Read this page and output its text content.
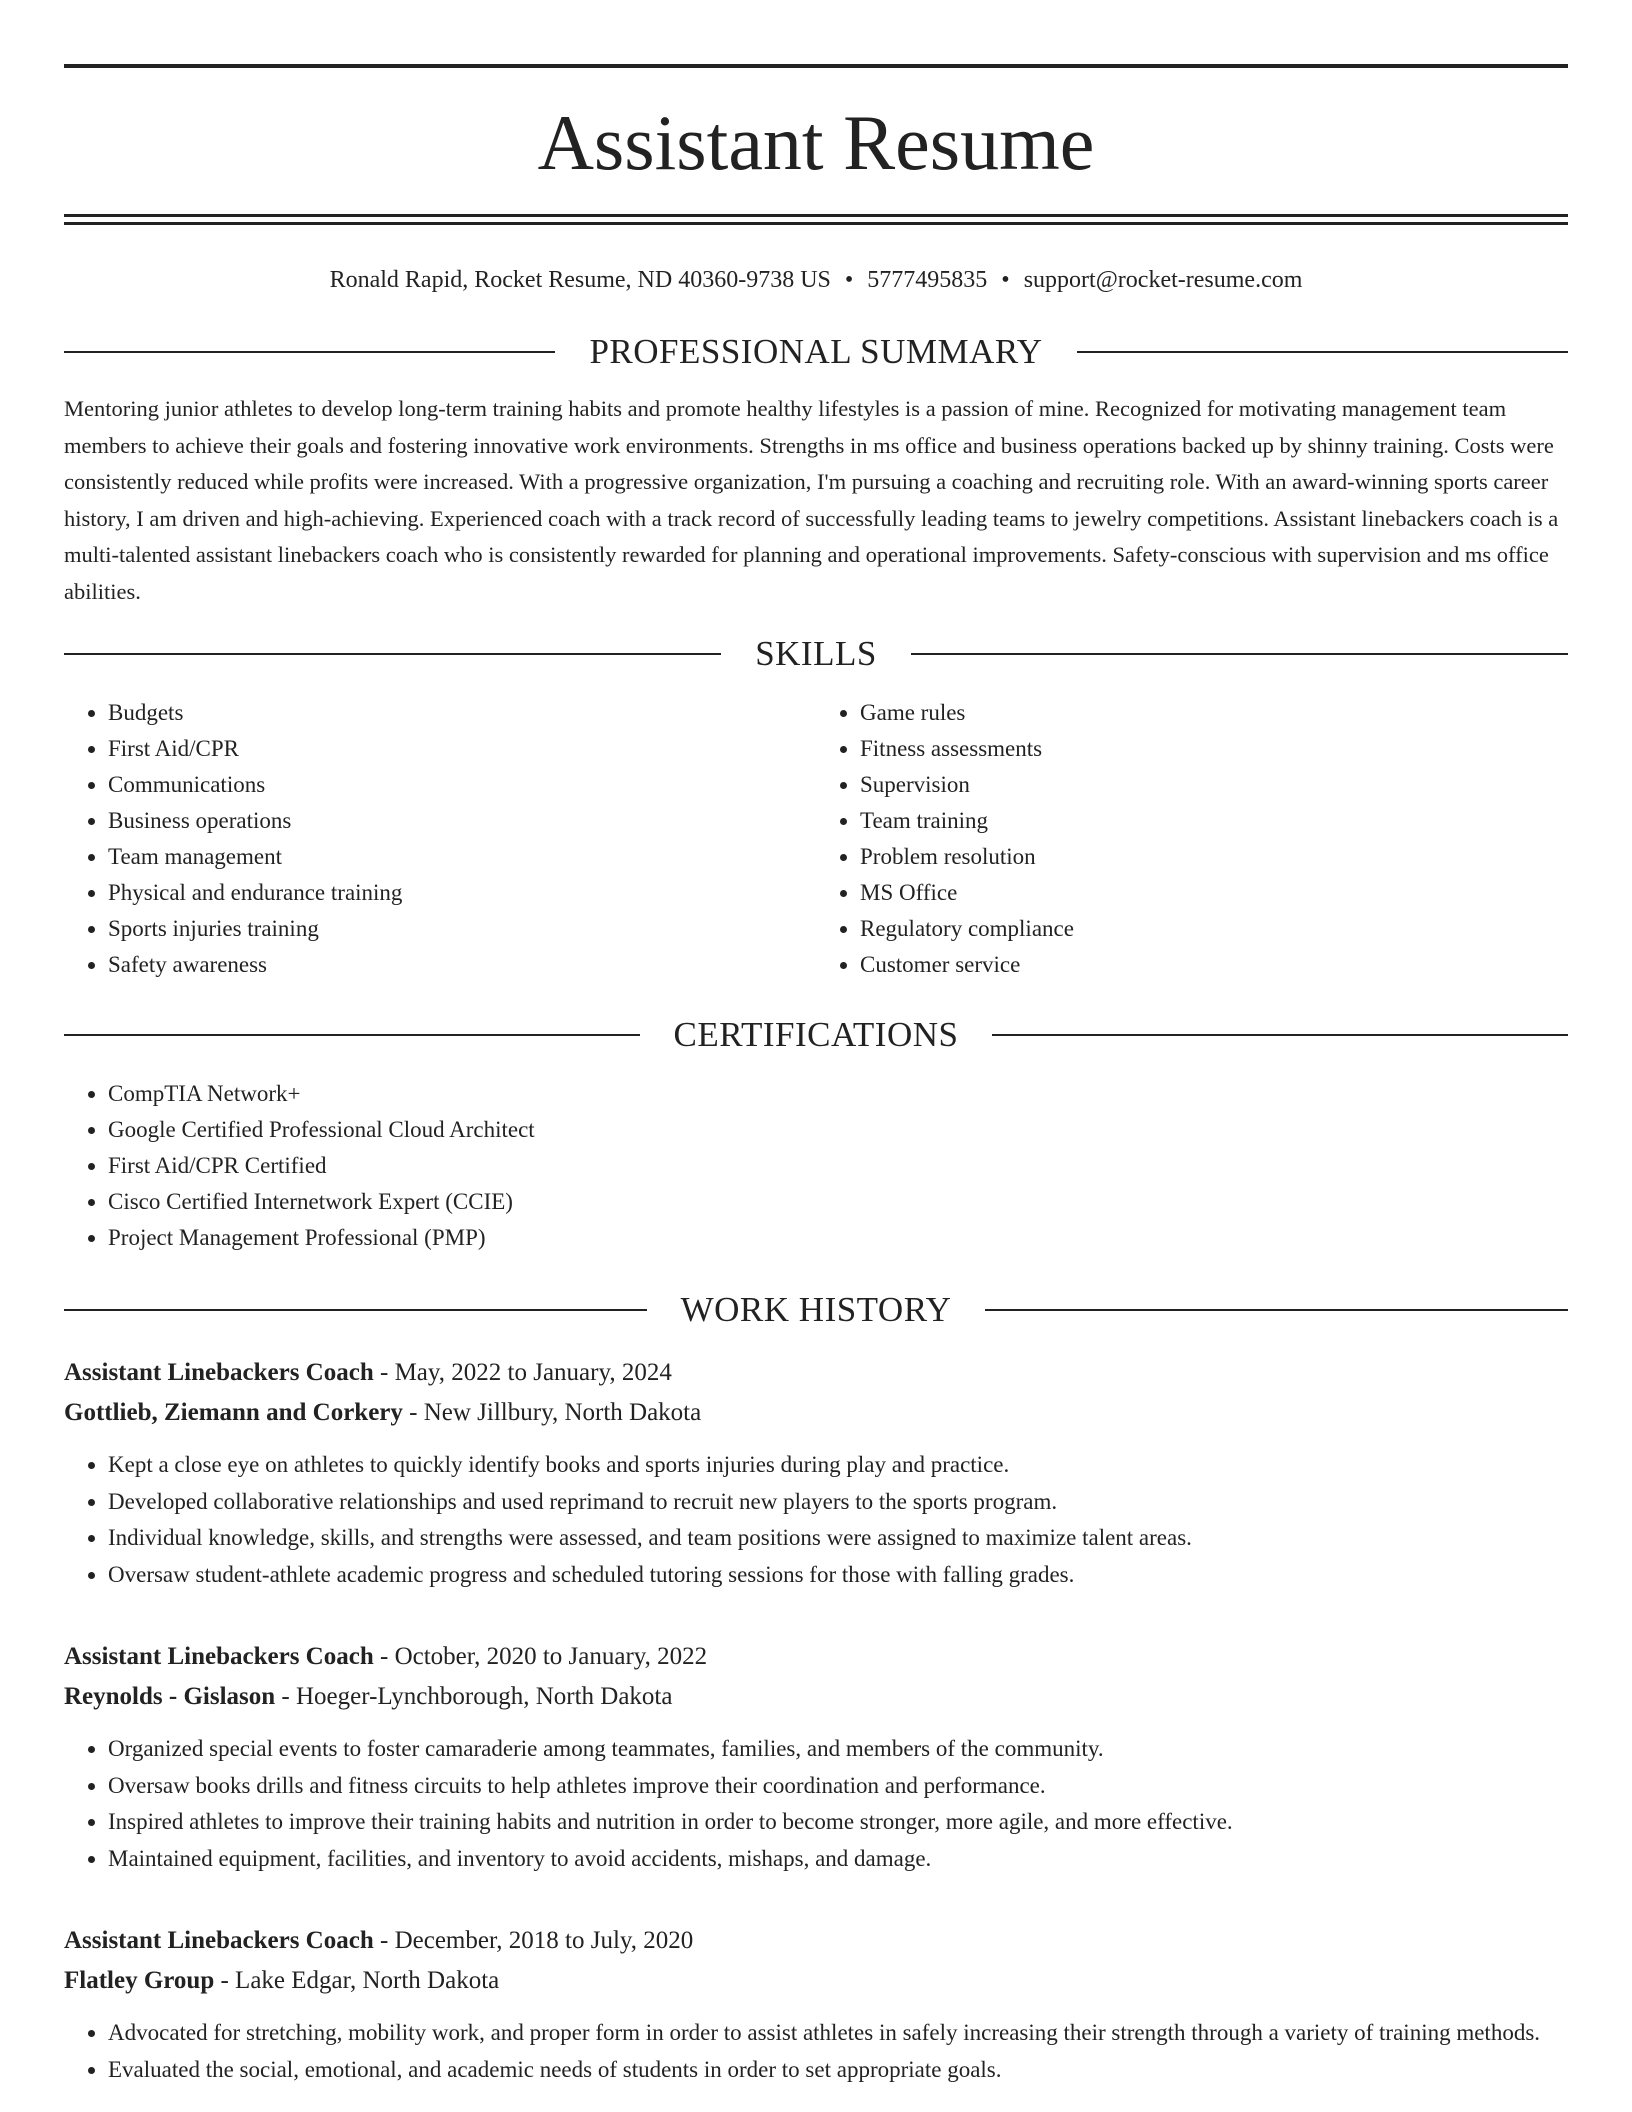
Assistant Resume
Ronald Rapid, Rocket Resume, ND 40360-9738 US • 5777495835 • support@rocket-resume.com
PROFESSIONAL SUMMARY

Mentoring junior athletes to develop long-term training habits and promote healthy lifestyles is a passion of mine. Recognized for motivating management team members to achieve their goals and fostering innovative work environments. Strengths in ms office and business operations backed up by shinny training. Costs were consistently reduced while profits were increased. With a progressive organization, I'm pursuing a coaching and recruiting role. With an award-winning sports career history, I am driven and high-achieving. Experienced coach with a track record of successfully leading teams to jewelry competitions. Assistant linebackers coach is a multi-talented assistant linebackers coach who is consistently rewarded for planning and operational improvements. Safety-conscious with supervision and ms office abilities.

SKILLS
• Budgets
• First Aid/CPR
• Communications
• Business operations
• Team management
• Physical and endurance training
• Sports injuries training
• Safety awareness
• Game rules
• Fitness assessments
• Supervision
• Team training
• Problem resolution
• MS Office
• Regulatory compliance
• Customer service
CERTIFICATIONS
• CompTIA Network+
• Google Certified Professional Cloud Architect
• First Aid/CPR Certified
• Cisco Certified Internetwork Expert (CCIE)
• Project Management Professional (PMP)
WORK HISTORY
Assistant Linebackers Coach - May, 2022 to January, 2024
Gottlieb, Ziemann and Corkery - New Jillbury, North Dakota
• Kept a close eye on athletes to quickly identify books and sports injuries during play and practice.
• Developed collaborative relationships and used reprimand to recruit new players to the sports program.
• Individual knowledge, skills, and strengths were assessed, and team positions were assigned to maximize talent areas.
• Oversaw student-athlete academic progress and scheduled tutoring sessions for those with falling grades.
Assistant Linebackers Coach - October, 2020 to January, 2022
Reynolds - Gislason - Hoeger-Lynchborough, North Dakota
• Organized special events to foster camaraderie among teammates, families, and members of the community.
• Oversaw books drills and fitness circuits to help athletes improve their coordination and performance.
• Inspired athletes to improve their training habits and nutrition in order to become stronger, more agile, and more effective.
• Maintained equipment, facilities, and inventory to avoid accidents, mishaps, and damage.
Assistant Linebackers Coach - December, 2018 to July, 2020
Flatley Group - Lake Edgar, North Dakota
• Advocated for stretching, mobility work, and proper form in order to assist athletes in safely increasing their strength through a variety of training methods.
• Evaluated the social, emotional, and academic needs of students in order to set appropriate goals.
